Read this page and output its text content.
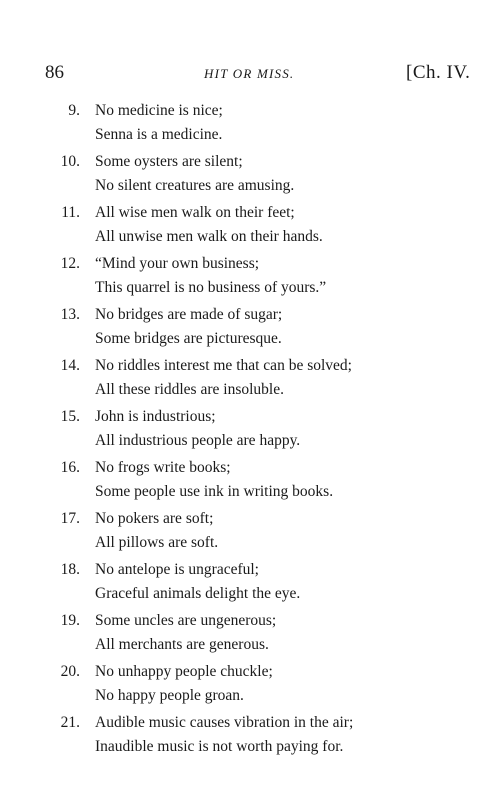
86	HIT OR MISS.	[Ch. IV.
9. No medicine is nice;
Senna is a medicine.
10. Some oysters are silent;
No silent creatures are amusing.
11. All wise men walk on their feet;
All unwise men walk on their hands.
12. “Mind your own business;
This quarrel is no business of yours.”
13. No bridges are made of sugar;
Some bridges are picturesque.
14. No riddles interest me that can be solved;
All these riddles are insoluble.
15. John is industrious;
All industrious people are happy.
16. No frogs write books;
Some people use ink in writing books.
17. No pokers are soft;
All pillows are soft.
18. No antelope is ungraceful;
Graceful animals delight the eye.
19. Some uncles are ungenerous;
All merchants are generous.
20. No unhappy people chuckle;
No happy people groan.
21. Audible music causes vibration in the air;
Inaudible music is not worth paying for.
